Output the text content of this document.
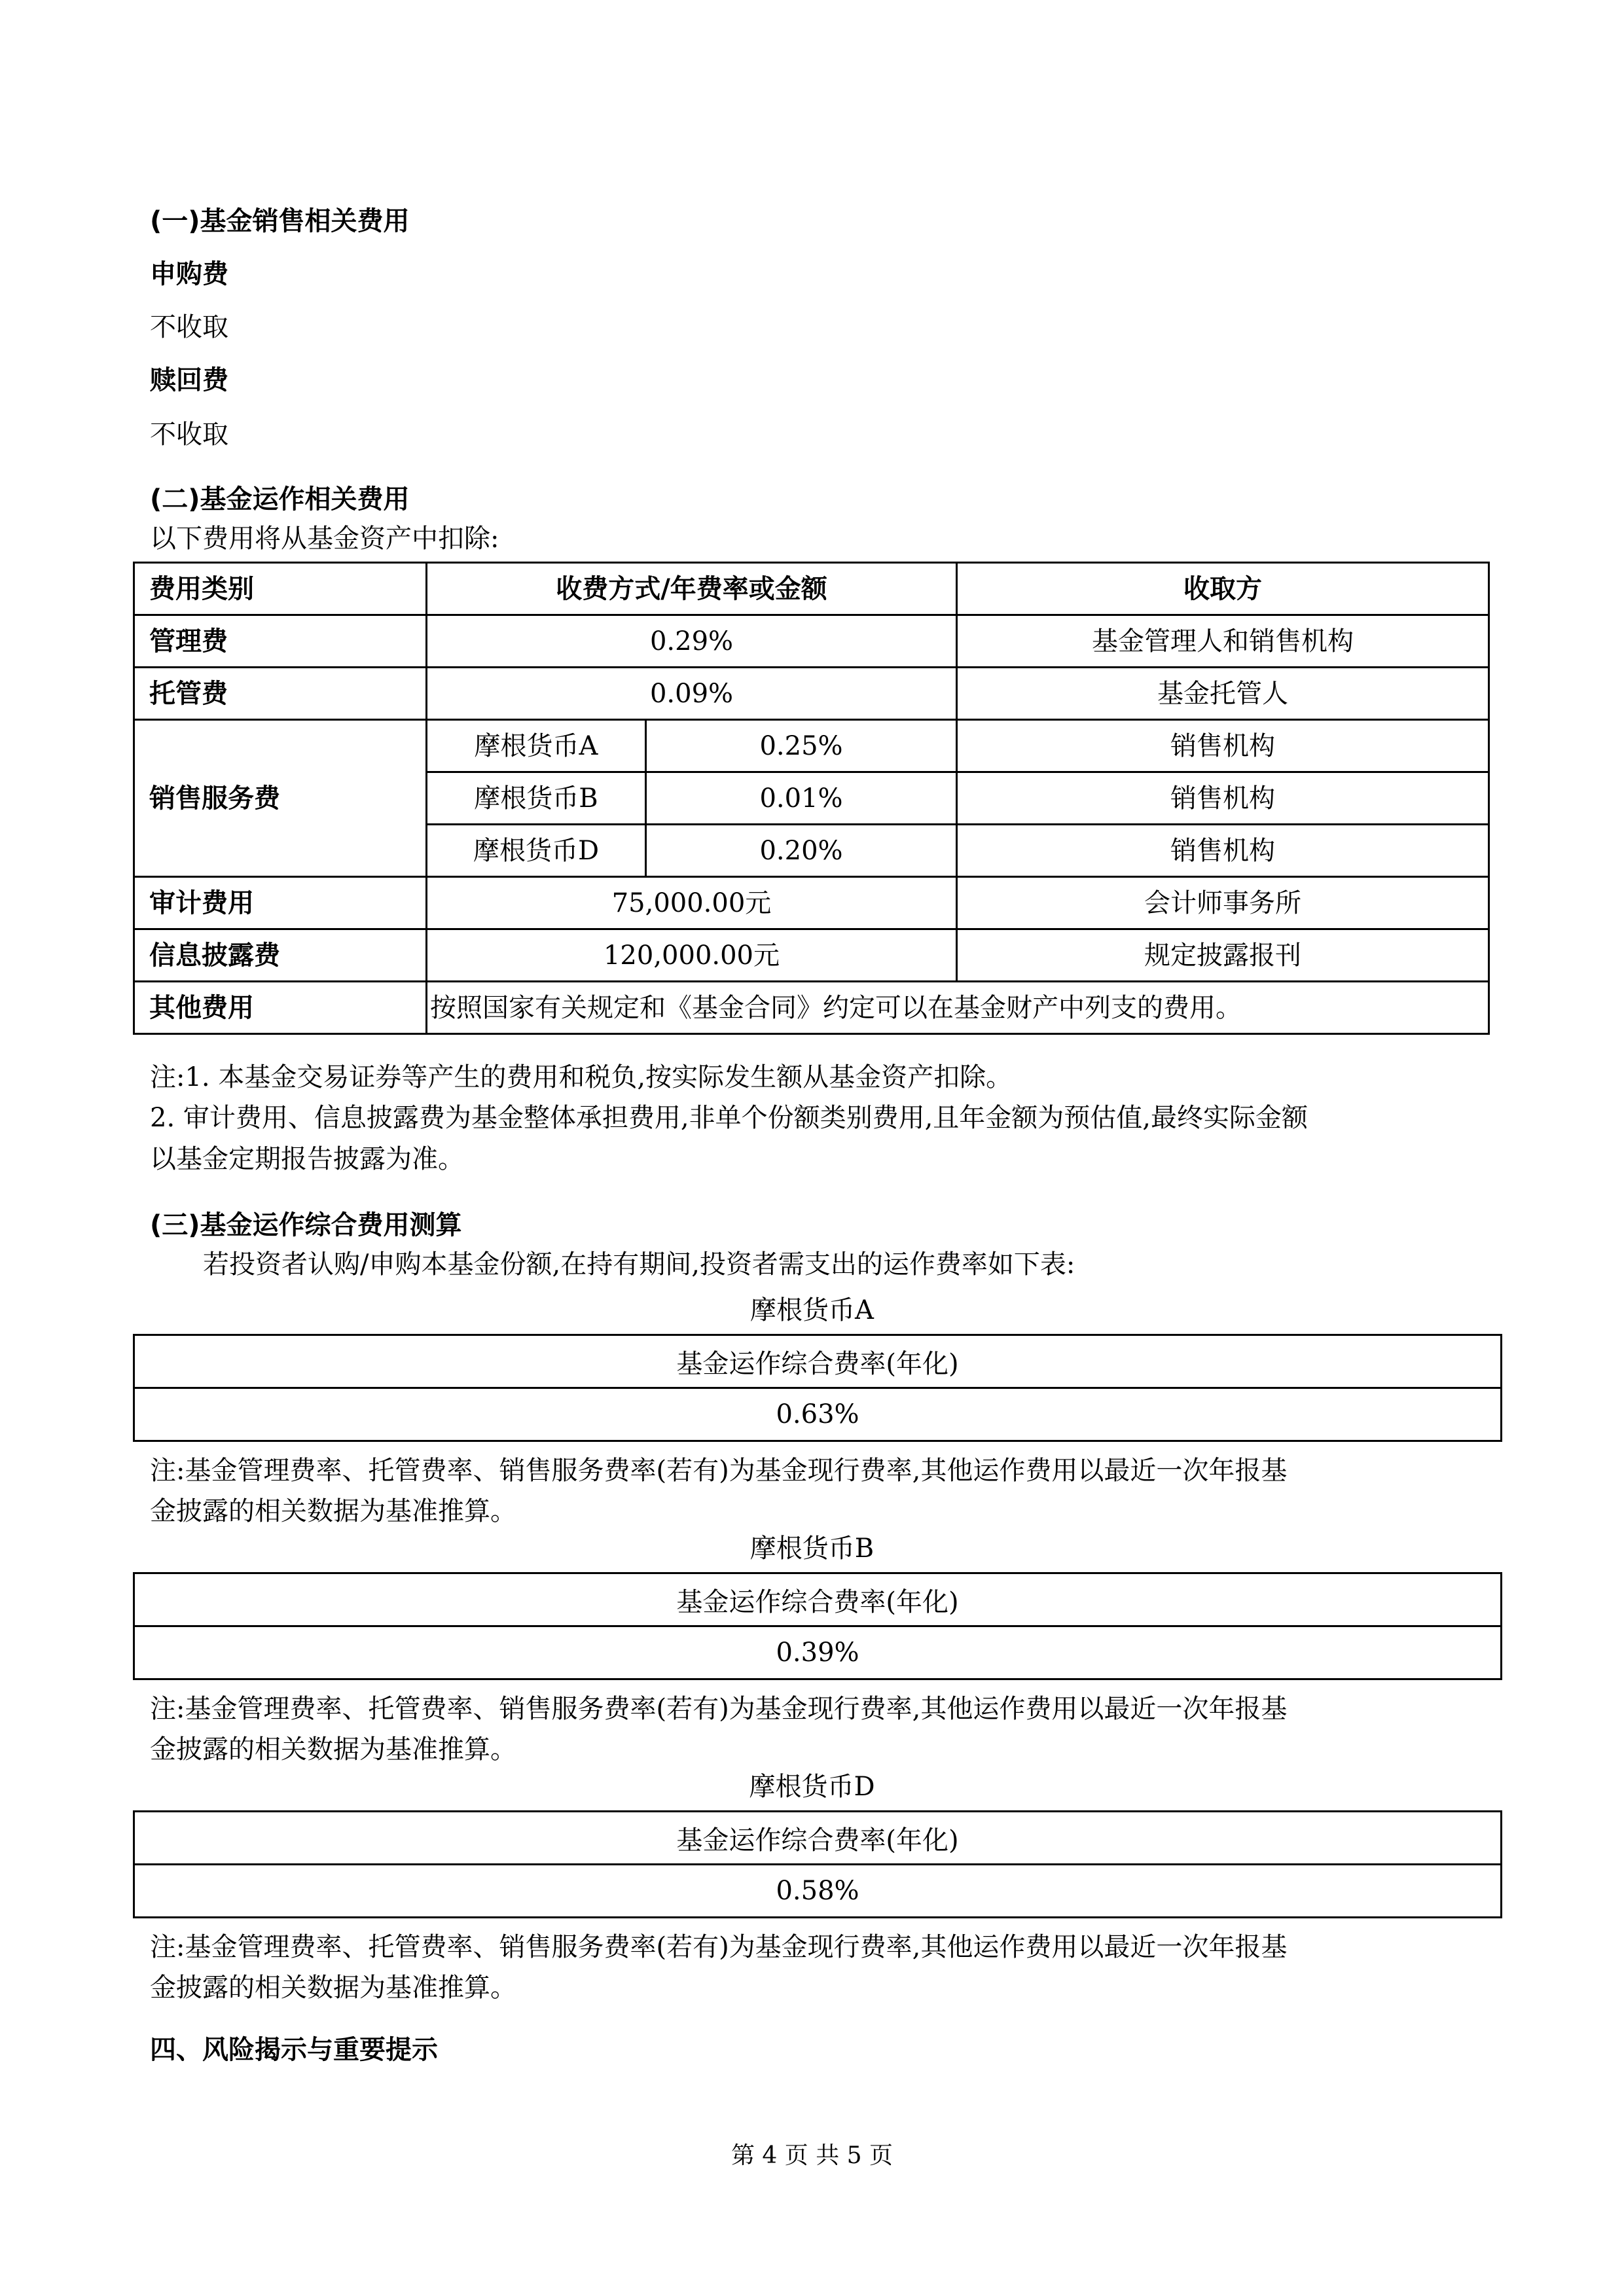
(一)基金销售相关费用
申购费
不收取
赎回费
不收取
(二)基金运作相关费用
以下费用将从基金资产中扣除:
费用类别	收费方式/年费率或金额		收取方
管理费	0.29%		基金管理人和销售机构
托管费	0.09%		基金托管人
销售服务费	摩根货币A	0.25%	销售机构
	摩根货币B	0.01%	销售机构
	摩根货币D	0.20%	销售机构
审计费用	75,000.00元		会计师事务所
信息披露费	120,000.00元		规定披露报刊
其他费用	按照国家有关规定和《基金合同》约定可以在基金财产中列支的费用。		
注:1. 本基金交易证券等产生的费用和税负,按实际发生额从基金资产扣除。
2. 审计费用、信息披露费为基金整体承担费用,非单个份额类别费用,且年金额为预估值,最终实际金额
以基金定期报告披露为准。
(三)基金运作综合费用测算
若投资者认购/申购本基金份额,在持有期间,投资者需支出的运作费率如下表:
摩根货币A
基金运作综合费率(年化)
0.63%
注:基金管理费率、托管费率、销售服务费率(若有)为基金现行费率,其他运作费用以最近一次年报基
金披露的相关数据为基准推算。
摩根货币B
基金运作综合费率(年化)
0.39%
注:基金管理费率、托管费率、销售服务费率(若有)为基金现行费率,其他运作费用以最近一次年报基
金披露的相关数据为基准推算。
摩根货币D
基金运作综合费率(年化)
0.58%
注:基金管理费率、托管费率、销售服务费率(若有)为基金现行费率,其他运作费用以最近一次年报基
金披露的相关数据为基准推算。
四、风险揭示与重要提示
第 4 页 共 5 页
